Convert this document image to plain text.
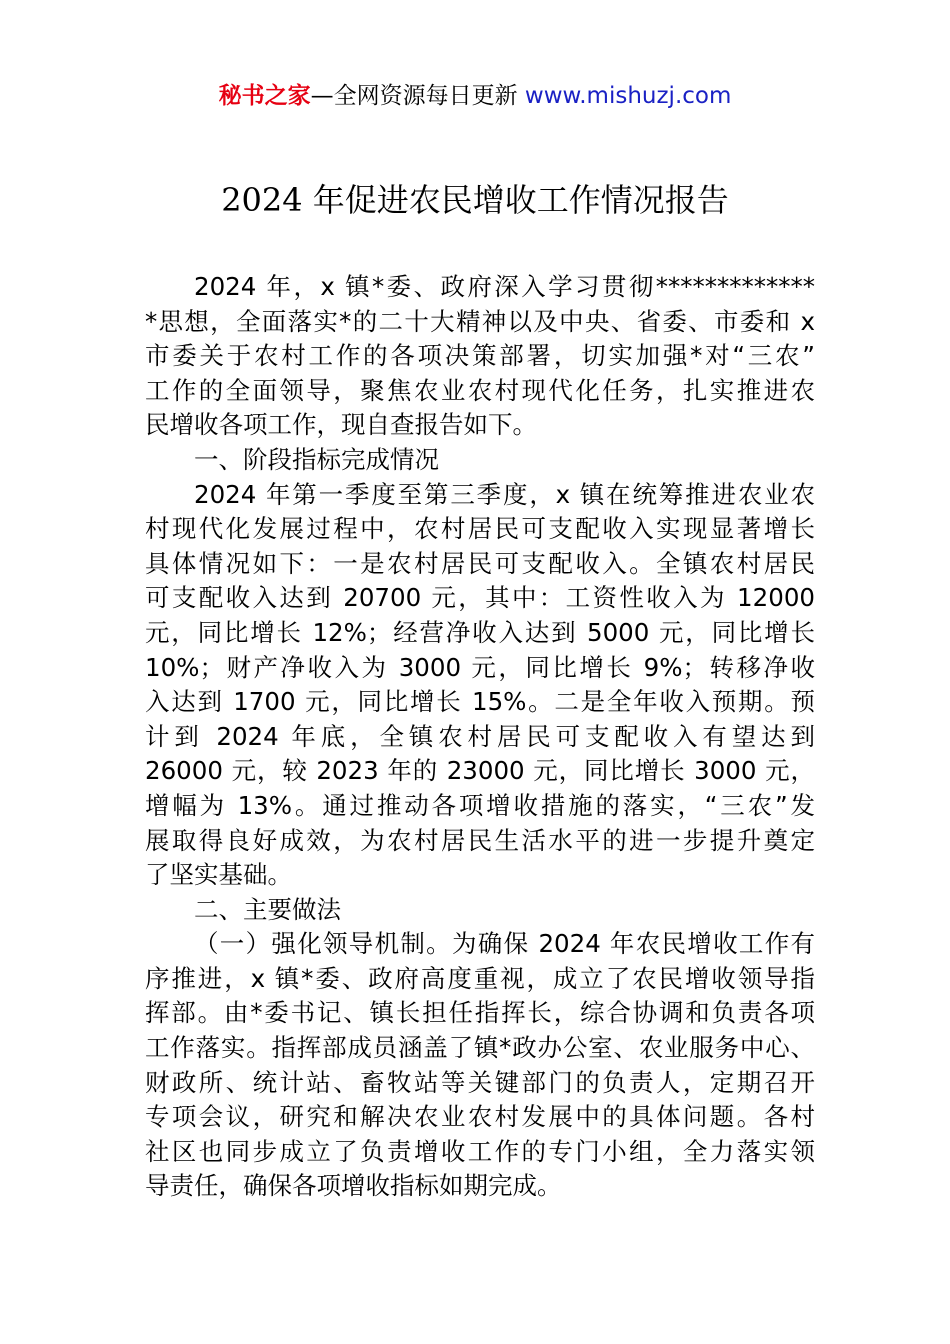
秘书之家—全网资源每日更新 www.mishuzj.com
2024 年促进农民增收工作情况报告
2024 年，x 镇*委、政府深入学习贯彻*************
*思想，全面落实*的二十大精神以及中央、省委、市委和 x
市委关于农村工作的各项决策部署，切实加强*对“三农”
工作的全面领导，聚焦农业农村现代化任务，扎实推进农
民增收各项工作，现自查报告如下。
一、阶段指标完成情况
2024 年第一季度至第三季度，x 镇在统筹推进农业农
村现代化发展过程中，农村居民可支配收入实现显著增长
具体情况如下：一是农村居民可支配收入。全镇农村居民
可支配收入达到 20700 元，其中：工资性收入为 12000
元，同比增长 12%；经营净收入达到 5000 元，同比增长
10%；财产净收入为 3000 元，同比增长 9%；转移净收
入达到 1700 元，同比增长 15%。二是全年收入预期。预
计到 2024 年底，全镇农村居民可支配收入有望达到
26000 元，较 2023 年的 23000 元，同比增长 3000 元，
增幅为 13%。通过推动各项增收措施的落实，“三农”发
展取得良好成效，为农村居民生活水平的进一步提升奠定
了坚实基础。
二、主要做法
（一）强化领导机制。为确保 2024 年农民增收工作有
序推进，x 镇*委、政府高度重视，成立了农民增收领导指
挥部。由*委书记、镇长担任指挥长，综合协调和负责各项
工作落实。指挥部成员涵盖了镇*政办公室、农业服务中心、
财政所、统计站、畜牧站等关键部门的负责人，定期召开
专项会议，研究和解决农业农村发展中的具体问题。各村
社区也同步成立了负责增收工作的专门小组，全力落实领
导责任，确保各项增收指标如期完成。
